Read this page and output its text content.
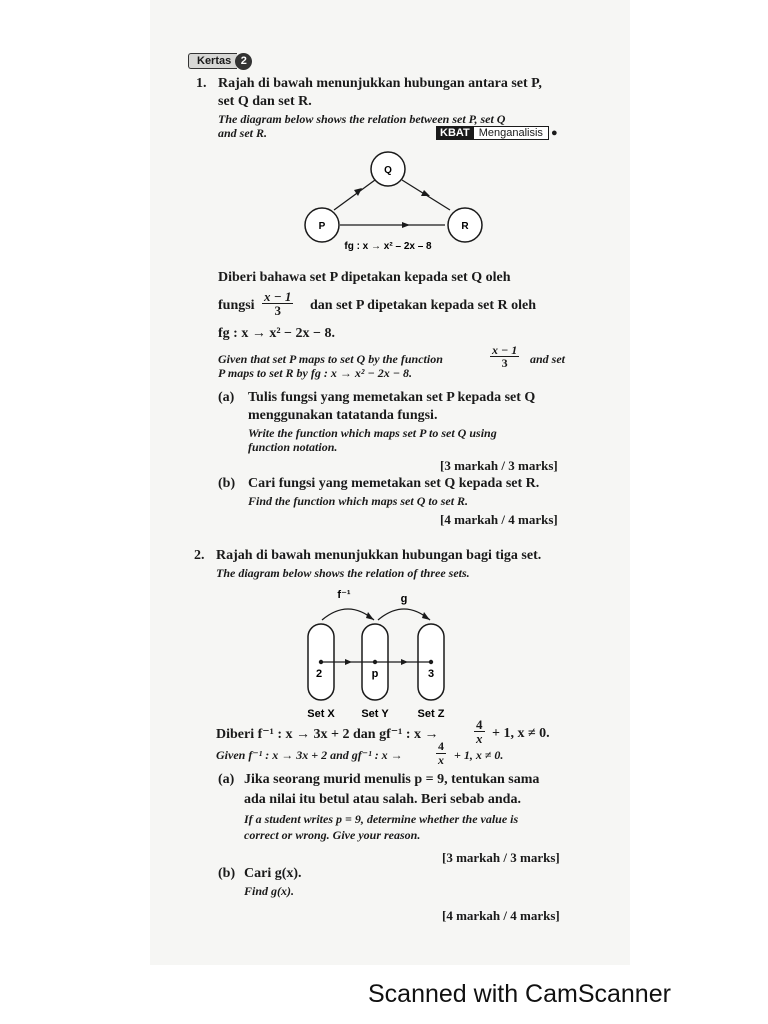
Kertas 2
1. Rajah di bawah menunjukkan hubungan antara set P,
set Q dan set R.
The diagram below shows the relation between set P, set Q
and set R.	KBAT Menganalisis ●
Q
P	R
fg : x → x² – 2x – 8
Diberi bahawa set P dipetakan kepada set Q oleh
fungsi $\frac{x - 1}{3}$ dan set P dipetakan kepada set R oleh
fg : x → x² − 2x − 8.
Given that set P maps to set Q by the function	$\frac{x - 1}{3}$ and set
P maps to set R by fg : x → x² − 2x − 8.
(a) Tulis fungsi yang memetakan set P kepada set Q
menggunakan tatatanda fungsi.
Write the function which maps set P to set Q using
function notation.
[3 markah / 3 marks]
(b) Cari fungsi yang memetakan set Q kepada set R.
Find the function which maps set Q to set R.
[4 markah / 4 marks]
2. Rajah di bawah menunjukkan hubungan bagi tiga set.
The diagram below shows the relation of three sets.
f⁻¹	g
2	p	3
Set X Set Y	Set Z
Diberi f⁻¹ : x → 3x + 2 dan gf⁻¹ : x →	$\frac{4}{x} + 1$, x ≠ 0.
Given f⁻¹ : x → 3x + 2 and gf⁻¹ : x →	$\frac{4}{x} + 1$, x ≠ 0.
(a) Jika seorang murid menulis p = 9, tentukan sama
ada nilai itu betul atau salah. Beri sebab anda.
If a student writes p = 9, determine whether the value is
correct or wrong. Give your reason.
[3 markah / 3 marks]
(b) Cari g(x).
Find g(x).
[4 markah / 4 marks]
Scanned with CamScanner
